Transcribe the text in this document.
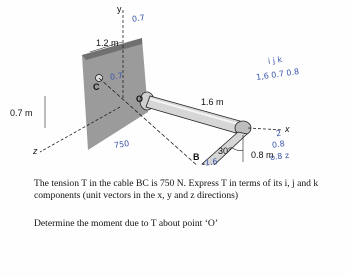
y
x
z
C
O
B
1.2 m
0.7 m
1.6 m
0.8 m
30°
0.7
0.7
750
i j k
1,6 0.7 0.8
-1.6
o.8 z
0.8
2

The tension T in the cable BC is 750 N. Express T in terms of its i, j and k components (unit vectors in the x, y and z directions)

Determine the moment due to T about point ‘O’
